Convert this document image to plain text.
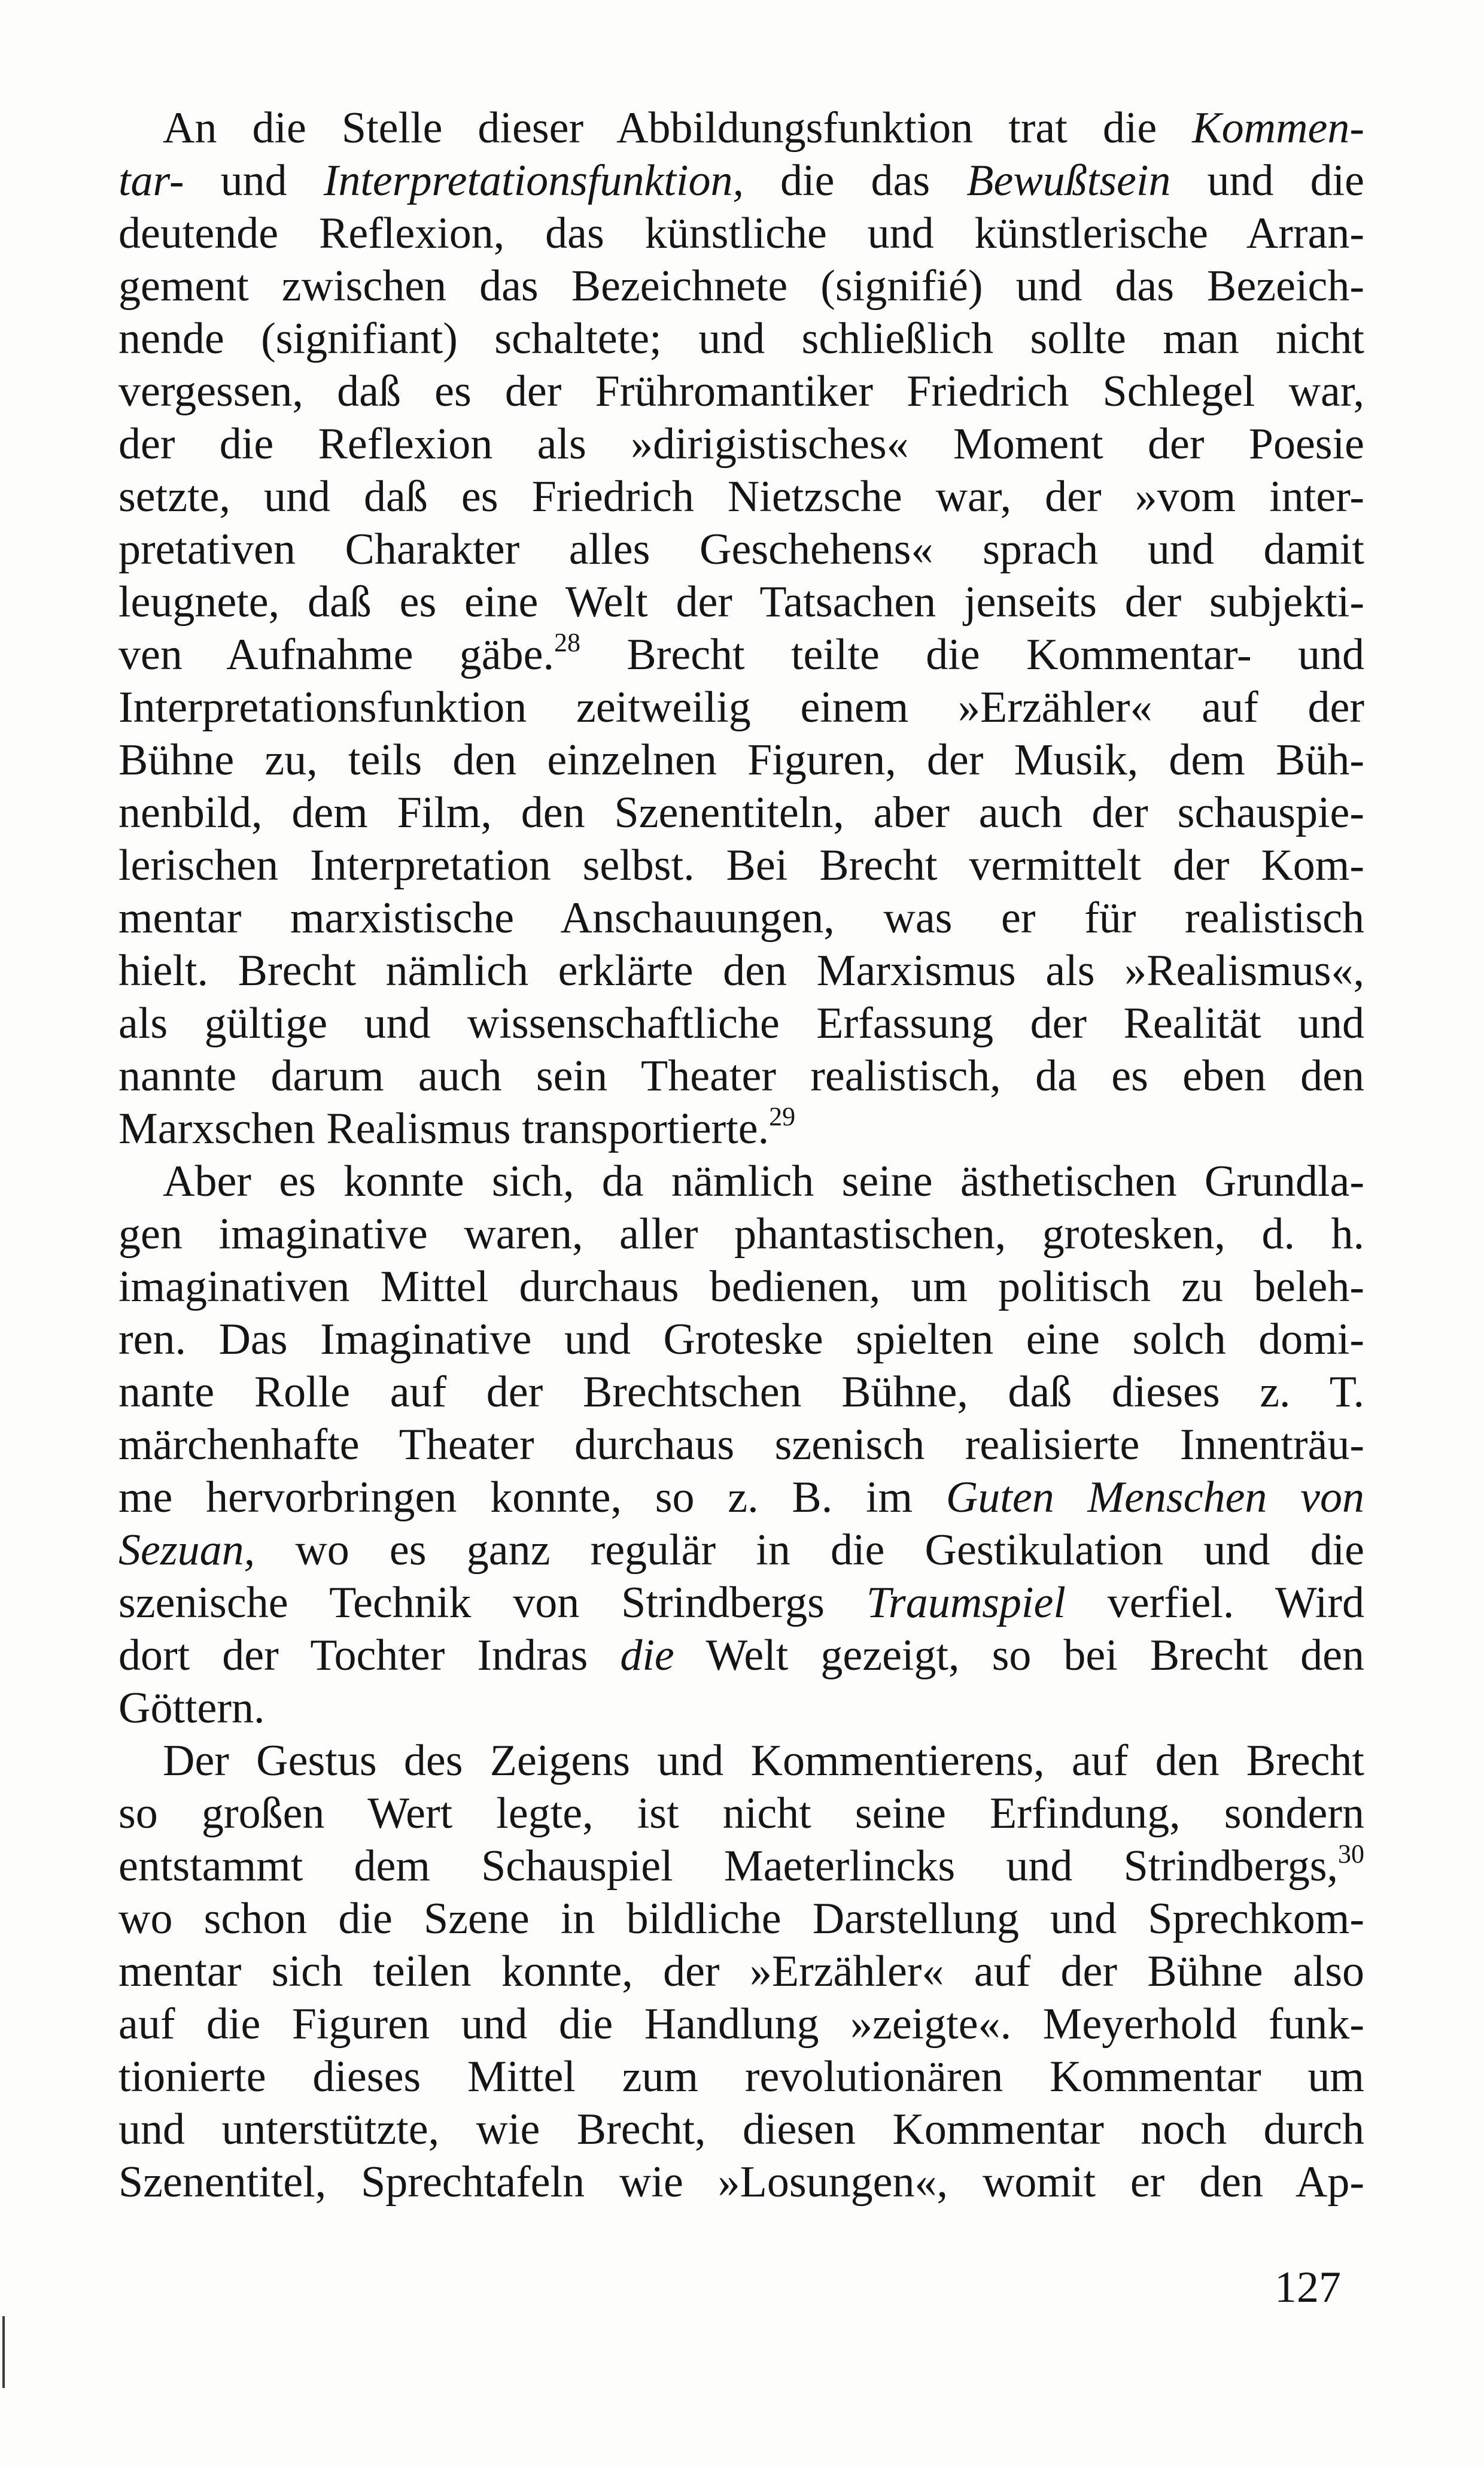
An die Stelle dieser Abbildungsfunktion trat die Kommen-
tar- und Interpretationsfunktion, die das Bewußtsein und die
deutende Reflexion, das künstliche und künstlerische Arran-
gement zwischen das Bezeichnete (signifié) und das Bezeich-
nende (signifiant) schaltete; und schließlich sollte man nicht
vergessen, daß es der Frühromantiker Friedrich Schlegel war,
der die Reflexion als »dirigistisches« Moment der Poesie
setzte, und daß es Friedrich Nietzsche war, der »vom inter-
pretativen Charakter alles Geschehens« sprach und damit
leugnete, daß es eine Welt der Tatsachen jenseits der subjekti-
ven Aufnahme gäbe.$^{28}$ Brecht teilte die Kommentar- und
Interpretationsfunktion zeitweilig einem »Erzähler« auf der
Bühne zu, teils den einzelnen Figuren, der Musik, dem Büh-
nenbild, dem Film, den Szenentiteln, aber auch der schauspie-
lerischen Interpretation selbst. Bei Brecht vermittelt der Kom-
mentar marxistische Anschauungen, was er für realistisch
hielt. Brecht nämlich erklärte den Marxismus als »Realismus«,
als gültige und wissenschaftliche Erfassung der Realität und
nannte darum auch sein Theater realistisch, da es eben den
Marxschen Realismus transportierte.$^{29}$
Aber es konnte sich, da nämlich seine ästhetischen Grundla-
gen imaginative waren, aller phantastischen, grotesken, d. h.
imaginativen Mittel durchaus bedienen, um politisch zu beleh-
ren. Das Imaginative und Groteske spielten eine solch domi-
nante Rolle auf der Brechtschen Bühne, daß dieses z. T.
märchenhafte Theater durchaus szenisch realisierte Innenträu-
me hervorbringen konnte, so z. B. im Guten Menschen von
Sezuan, wo es ganz regulär in die Gestikulation und die
szenische Technik von Strindbergs Traumspiel verfiel. Wird
dort der Tochter Indras die Welt gezeigt, so bei Brecht den
Göttern.
Der Gestus des Zeigens und Kommentierens, auf den Brecht
so großen Wert legte, ist nicht seine Erfindung, sondern
entstammt dem Schauspiel Maeterlincks und Strindbergs,$^{30}$
wo schon die Szene in bildliche Darstellung und Sprechkom-
mentar sich teilen konnte, der »Erzähler« auf der Bühne also
auf die Figuren und die Handlung »zeigte«. Meyerhold funk-
tionierte dieses Mittel zum revolutionären Kommentar um
und unterstützte, wie Brecht, diesen Kommentar noch durch
Szenentitel, Sprechtafeln wie »Losungen«, womit er den Ap-
127
